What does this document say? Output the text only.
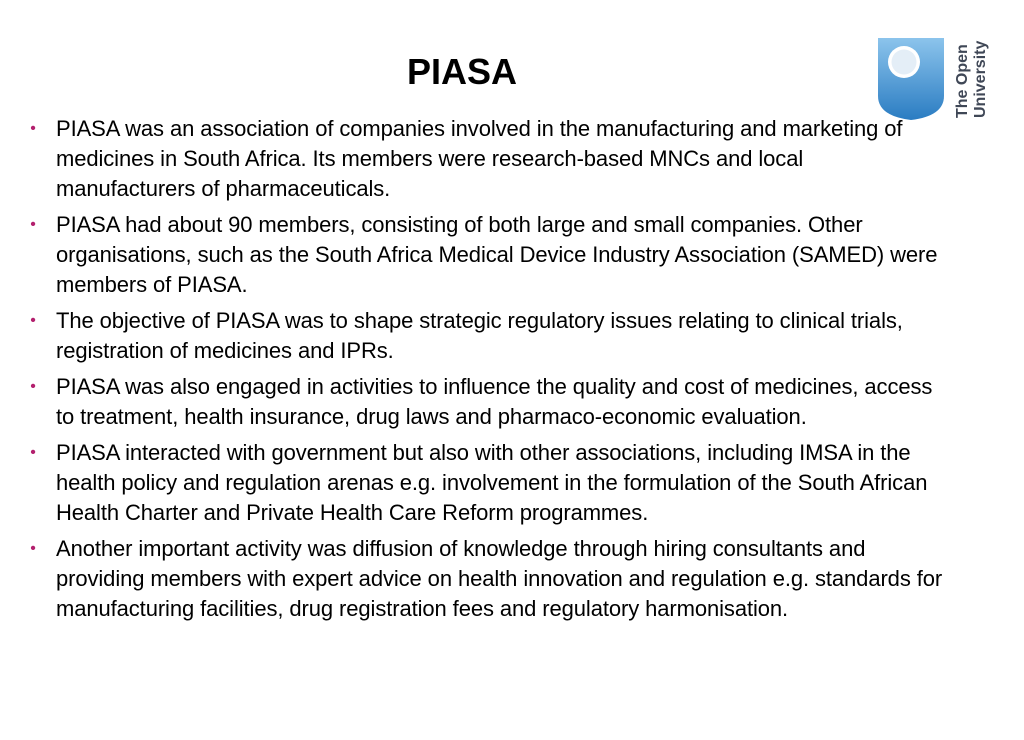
PIASA	The Open University
• PIASA was an association of companies involved in the manufacturing and marketing of medicines in South Africa. Its members were research-based MNCs and local manufacturers of pharmaceuticals.
• PIASA had about 90 members, consisting of both large and small companies. Other organisations, such as the South Africa Medical Device Industry Association (SAMED) were members of PIASA.
• The objective of PIASA was to shape strategic regulatory issues relating to clinical trials, registration of medicines and IPRs.
• PIASA was also engaged in activities to influence the quality and cost of medicines, access to treatment, health insurance, drug laws and pharmaco-economic evaluation.
• PIASA interacted with government but also with other associations, including IMSA in the health policy and regulation arenas e.g. involvement in the formulation of the South African Health Charter and Private Health Care Reform programmes.
• Another important activity was diffusion of knowledge through hiring consultants and providing members with expert advice on health innovation and regulation e.g. standards for manufacturing facilities, drug registration fees and regulatory harmonisation.
